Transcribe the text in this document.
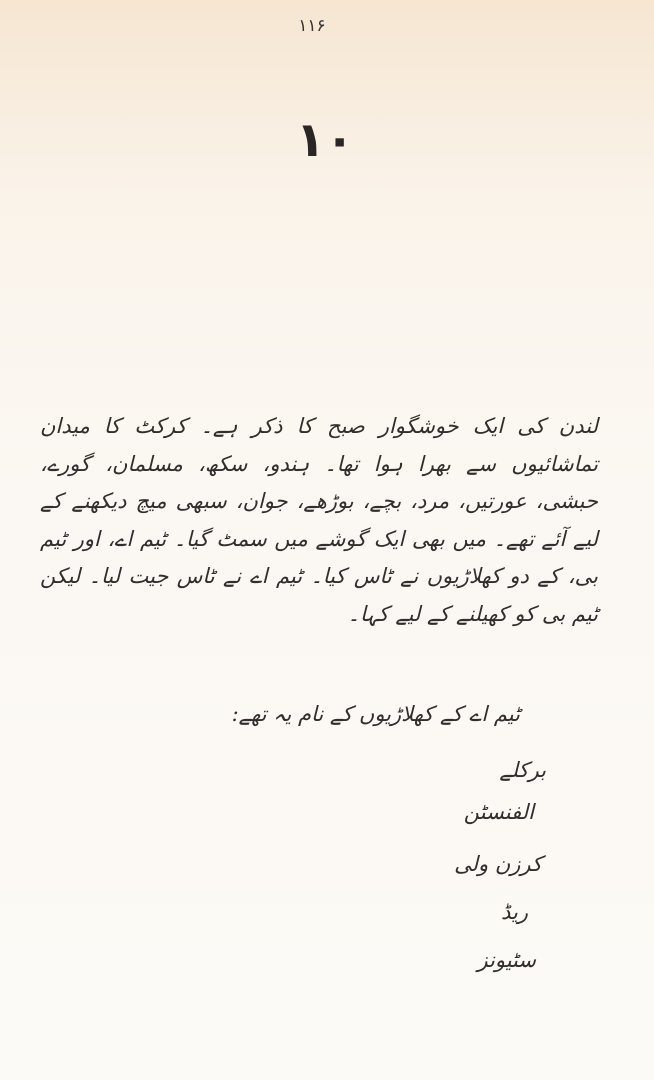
۱۱۶
۱۰

لندن کی ایک خوشگوار صبح کا ذکر ہے۔ کرکٹ کا میدان تماشائیوں سے بھرا ہوا تھا۔ ہندو، سکھ، مسلمان، گورے، حبشی، عورتیں، مرد، بچے، بوڑھے، جوان، سبھی میچ دیکھنے کے لیے آئے تھے۔ میں بھی ایک گوشے میں سمٹ گیا۔ ٹیم اے، اور ٹیم بی، کے دو کھلاڑیوں نے ٹاس کیا۔ ٹیم اے نے ٹاس جیت لیا۔ لیکن ٹیم بی کو کھیلنے کے لیے کہا۔

ٹیم اے کے کھلاڑیوں کے نام یہ تھے:
برکلے
الفنسٹن
کرزن ولی
ریڈ
سٹیونز
